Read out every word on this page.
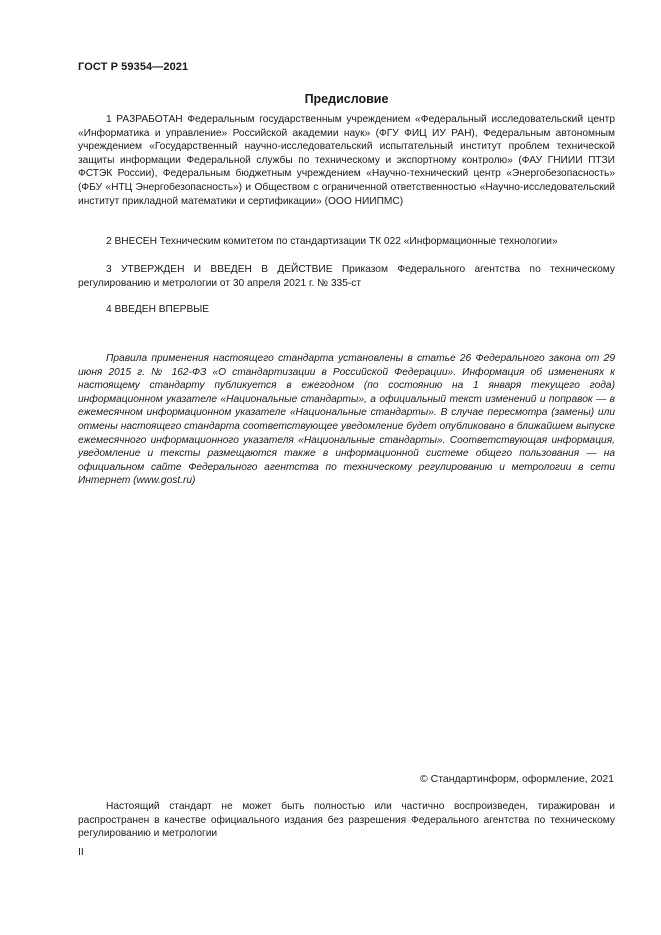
ГОСТ Р 59354—2021
Предисловие

1 РАЗРАБОТАН Федеральным государственным учреждением «Федеральный исследовательский центр «Информатика и управление» Российской академии наук» (ФГУ ФИЦ ИУ РАН), Федеральным автономным учреждением «Государственный научно-исследовательский испытательный институт проблем технической защиты информации Федеральной службы по техническому и экспортному контролю» (ФАУ ГНИИИ ПТЗИ ФСТЭК России), Федеральным бюджетным учреждением «Научно-технический центр «Энергобезопасность» (ФБУ «НТЦ Энергобезопасность») и Обществом с ограниченной ответственностью «Научно-исследовательский институт прикладной математики и сертификации» (ООО НИИПМС)

2 ВНЕСЕН Техническим комитетом по стандартизации ТК 022 «Информационные технологии»

3 УТВЕРЖДЕН И ВВЕДЕН В ДЕЙСТВИЕ Приказом Федерального агентства по техническому регулированию и метрологии от 30 апреля 2021 г. № 335-ст

4 ВВЕДЕН ВПЕРВЫЕ

Правила применения настоящего стандарта установлены в статье 26 Федерального закона от 29 июня 2015 г. № 162-ФЗ «О стандартизации в Российской Федерации». Информация об изменениях к настоящему стандарту публикуется в ежегодном (по состоянию на 1 января текущего года) информационном указателе «Национальные стандарты», а официальный текст изменений и поправок — в ежемесячном информационном указателе «Национальные стандарты». В случае пересмотра (замены) или отмены настоящего стандарта соответствующее уведомление будет опубликовано в ближайшем выпуске ежемесячного информационного указателя «Национальные стандарты». Соответствующая информация, уведомление и тексты размещаются также в информационной системе общего пользования — на официальном сайте Федерального агентства по техническому регулированию и метрологии в сети Интернет (www.gost.ru)

© Стандартинформ, оформление, 2021

Настоящий стандарт не может быть полностью или частично воспроизведен, тиражирован и распространен в качестве официального издания без разрешения Федерального агентства по техническому регулированию и метрологии

II
